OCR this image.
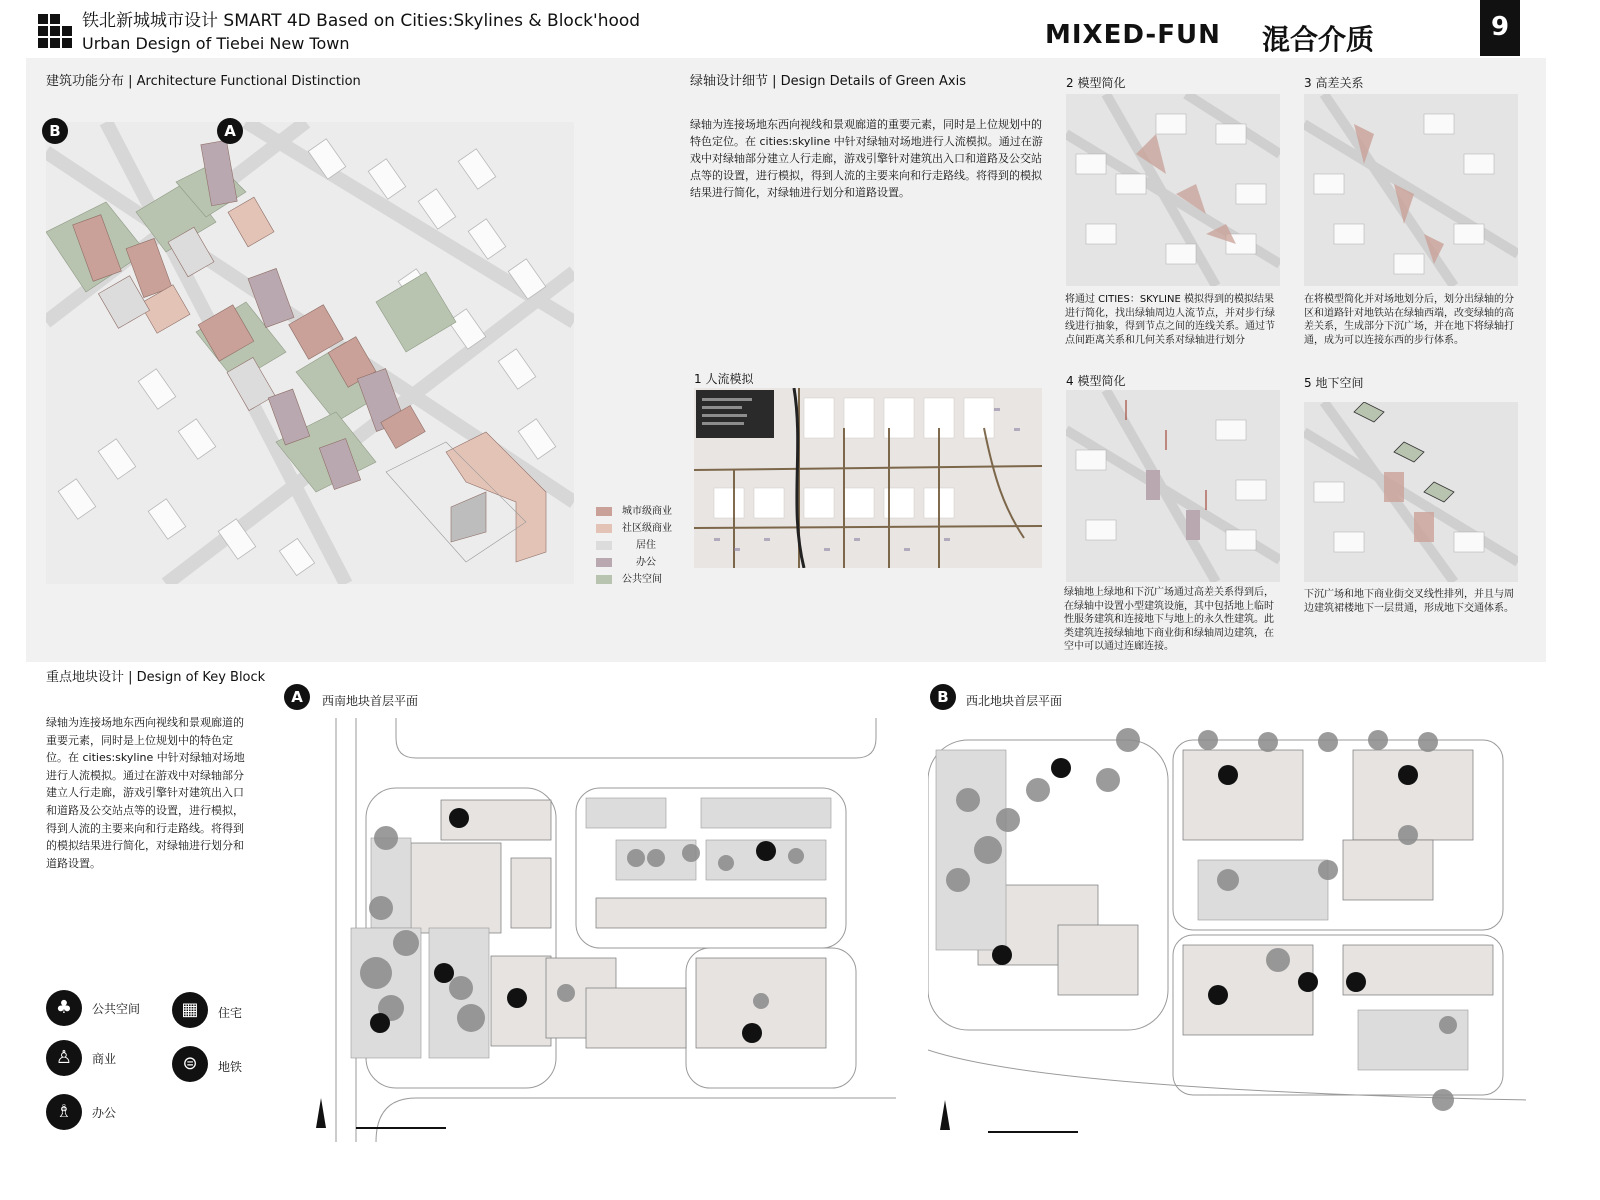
铁北新城城市设计 SMART 4D Based on Cities:Skylines & Block'hood
Urban Design of Tiebei New Town	MIXED-FUN 混合介质	9
建筑功能分布 | Architecture Functional Distinction
B	A
城市级商业
社区级商业
居住
办公
公共空间
绿轴设计细节 | Design Details of Green Axis
绿轴为连接场地东西向视线和景观廊道的重要元素，同时是上位规划中的特色定位。在 cities:skyline 中针对绿轴对场地进行人流模拟。通过在游戏中对绿轴部分建立人行走廊，游戏引擎针对建筑出入口和道路及公交站点等的设置，进行模拟，得到人流的主要来向和行走路线。将得到的模拟结果进行简化，对绿轴进行划分和道路设置。
1 人流模拟
2 模型简化
将通过 CITIES：SKYLINE 模拟得到的模拟结果进行简化，找出绿轴周边人流节点，并对步行绿线进行抽象，得到节点之间的连线关系。通过节点间距离关系和几何关系对绿轴进行划分
3 高差关系
在将模型简化并对场地划分后，划分出绿轴的分区和道路针对地铁站在绿轴西端，改变绿轴的高差关系，生成部分下沉广场，并在地下将绿轴打通，成为可以连接东西的步行体系。
4 模型简化
绿轴地上绿地和下沉广场通过高差关系得到后，在绿轴中设置小型建筑设施，其中包括地上临时性服务建筑和连接地下与地上的永久性建筑。此类建筑连接绿轴地下商业街和绿轴周边建筑，在空中可以通过连廊连接。
5 地下空间
下沉广场和地下商业街交叉线性排列，并且与周边建筑裙楼地下一层贯通，形成地下交通体系。
重点地块设计 | Design of Key Block
绿轴为连接场地东西向视线和景观廊道的重要元素，同时是上位规划中的特色定位。在 cities:skyline 中针对绿轴对场地进行人流模拟。通过在游戏中对绿轴部分建立人行走廊，游戏引擎针对建筑出入口和道路及公交站点等的设置，进行模拟，得到人流的主要来向和行走路线。将得到的模拟结果进行简化，对绿轴进行划分和道路设置。
♣	公共空间	▦	住宅
♙	商业	⊜	地铁
♗	办公
A	西南地块首层平面	B	西北地块首层平面
